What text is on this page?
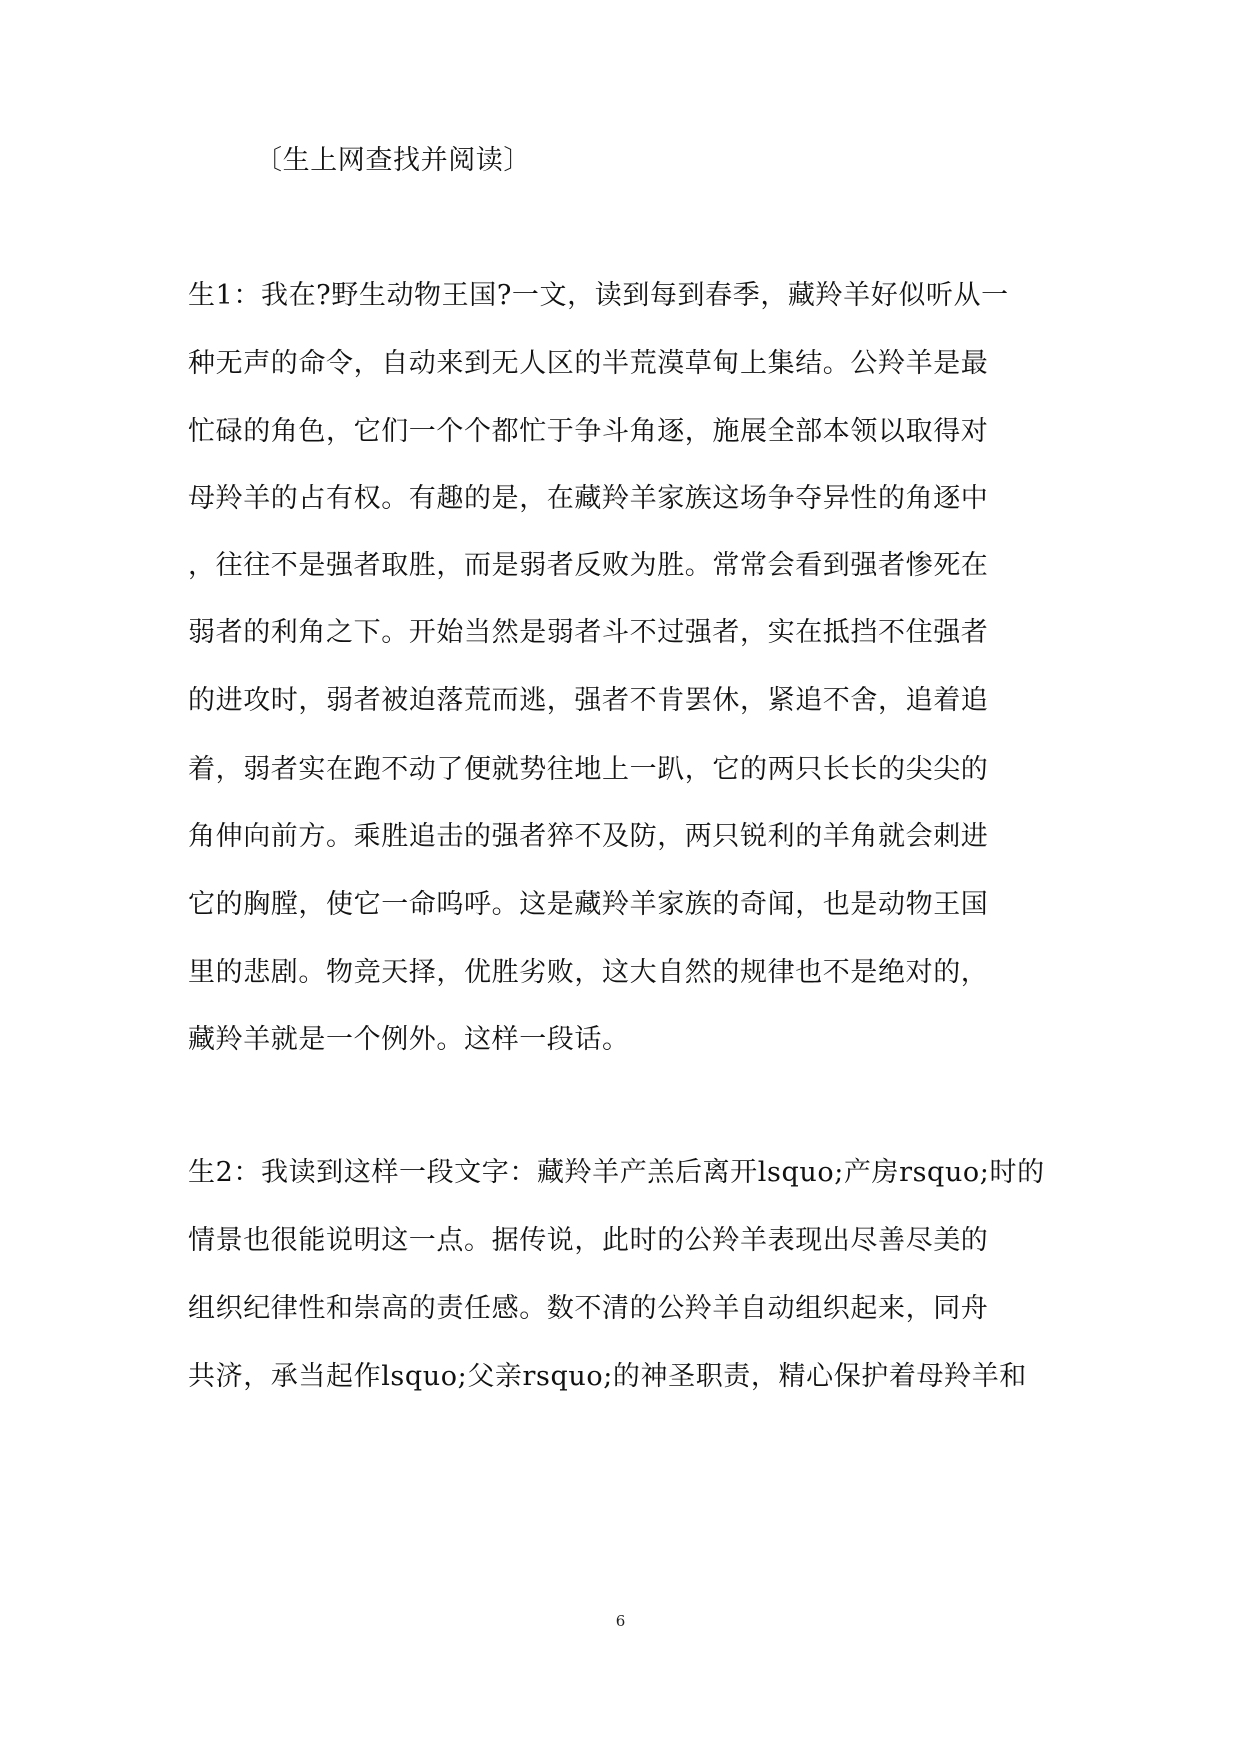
〔生上网查找并阅读〕
生1：我在?野生动物王国?一文，读到每到春季，藏羚羊好似听从一
种无声的命令，自动来到无人区的半荒漠草甸上集结。公羚羊是最
忙碌的角色，它们一个个都忙于争斗角逐，施展全部本领以取得对
母羚羊的占有权。有趣的是，在藏羚羊家族这场争夺异性的角逐中
，往往不是强者取胜，而是弱者反败为胜。常常会看到强者惨死在
弱者的利角之下。开始当然是弱者斗不过强者，实在抵挡不住强者
的进攻时，弱者被迫落荒而逃，强者不肯罢休，紧追不舍，追着追
着，弱者实在跑不动了便就势往地上一趴，它的两只长长的尖尖的
角伸向前方。乘胜追击的强者猝不及防，两只锐利的羊角就会刺进
它的胸膛，使它一命呜呼。这是藏羚羊家族的奇闻，也是动物王国
里的悲剧。物竞天择，优胜劣败，这大自然的规律也不是绝对的，
藏羚羊就是一个例外。这样一段话。
生2：我读到这样一段文字：藏羚羊产羔后离开lsquo;产房rsquo;时的
情景也很能说明这一点。据传说，此时的公羚羊表现出尽善尽美的
组织纪律性和崇高的责任感。数不清的公羚羊自动组织起来，同舟
共济，承当起作lsquo;父亲rsquo;的神圣职责，精心保护着母羚羊和
6
